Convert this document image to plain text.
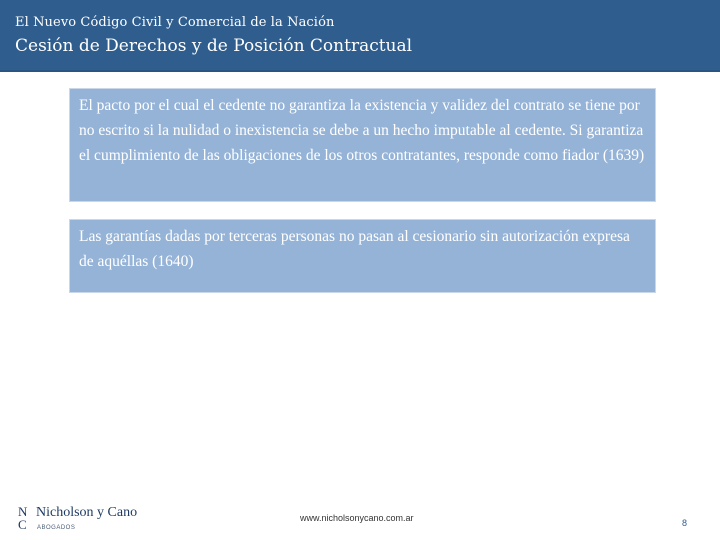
El Nuevo Código Civil y Comercial de la Nación
Cesión de Derechos y de Posición Contractual

El pacto por el cual el cedente no garantiza la existencia y validez del contrato se tiene por no escrito si la nulidad o inexistencia se debe a un hecho imputable al cedente. Si garantiza el cumplimiento de las obligaciones de los otros contratantes, responde como fiador (1639)

Las garantías dadas por terceras personas no pasan al cesionario sin autorización expresa de aquéllas (1640)

N
C
Nicholson y Cano
ABOGADOS
www.nicholsonycano.com.ar	8
